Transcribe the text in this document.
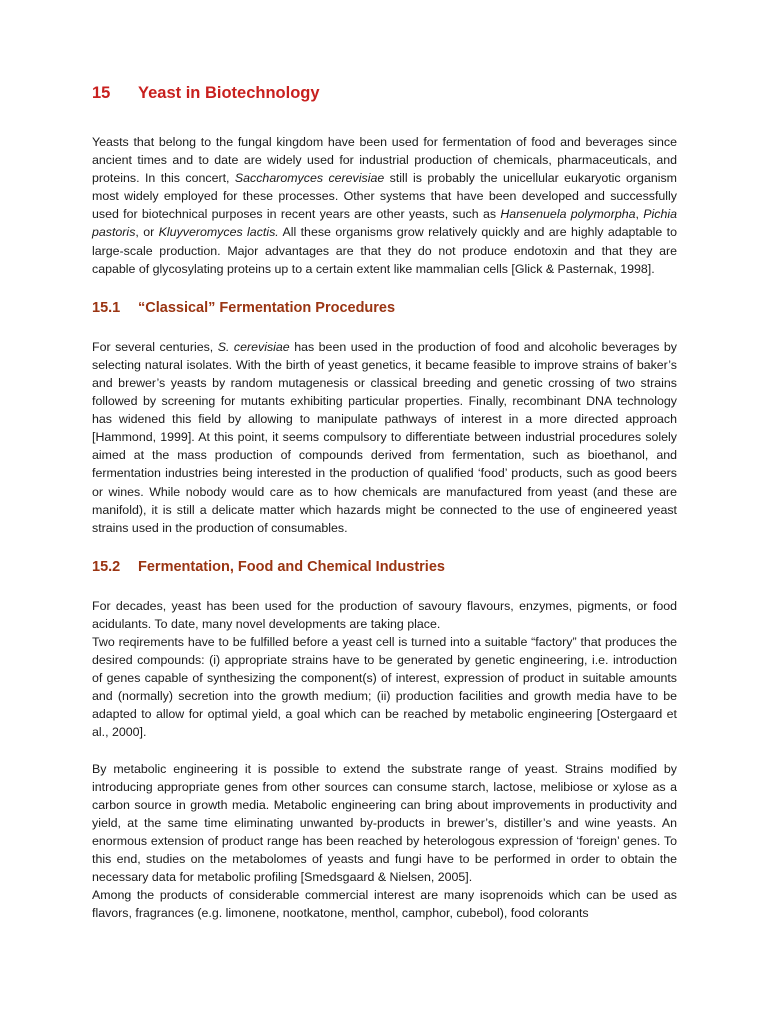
15	Yeast in Biotechnology

Yeasts that belong to the fungal kingdom have been used for fermentation of food and beverages since ancient times and to date are widely used for industrial production of chemicals, pharmaceuticals, and proteins. In this concert, Saccharomyces cerevisiae still is probably the unicellular eukaryotic organism most widely employed for these processes. Other systems that have been developed and successfully used for biotechnical purposes in recent years are other yeasts, such as Hansenuela polymorpha, Pichia pastoris, or Kluyveromyces lactis. All these organisms grow relatively quickly and are highly adaptable to large-scale production. Major advantages are that they do not produce endotoxin and that they are capable of glycosylating proteins up to a certain extent like mammalian cells [Glick & Pasternak, 1998].

15.1	“Classical” Fermentation Procedures

For several centuries, S. cerevisiae has been used in the production of food and alcoholic beverages by selecting natural isolates. With the birth of yeast genetics, it became feasible to improve strains of baker’s and brewer’s yeasts by random mutagenesis or classical breeding and genetic crossing of two strains followed by screening for mutants exhibiting particular properties. Finally, recombinant DNA technology has widened this field by allowing to manipulate pathways of interest in a more directed approach [Hammond, 1999]. At this point, it seems compulsory to differentiate between industrial procedures solely aimed at the mass production of compounds derived from fermentation, such as bioethanol, and fermentation industries being interested in the production of qualified ‘food’ products, such as good beers or wines. While nobody would care as to how chemicals are manufactured from yeast (and these are manifold), it is still a delicate matter which hazards might be connected to the use of engineered yeast strains used in the production of consumables.

15.2	Fermentation, Food and Chemical Industries

For decades, yeast has been used for the production of savoury flavours, enzymes, pigments, or food acidulants. To date, many novel developments are taking place.

Two reqirements have to be fulfilled before a yeast cell is turned into a suitable “factory” that produces the desired compounds: (i) appropriate strains have to be generated by genetic engineering, i.e. introduction of genes capable of synthesizing the component(s) of interest, expression of product in suitable amounts and (normally) secretion into the growth medium; (ii) production facilities and growth media have to be adapted to allow for optimal yield, a goal which can be reached by metabolic engineering [Ostergaard et al., 2000].

By metabolic engineering it is possible to extend the substrate range of yeast. Strains modified by introducing appropriate genes from other sources can consume starch, lactose, melibiose or xylose as a carbon source in growth media. Metabolic engineering can bring about improvements in productivity and yield, at the same time eliminating unwanted by-products in brewer’s, distiller’s and wine yeasts. An enormous extension of product range has been reached by heterologous expression of ‘foreign’ genes. To this end, studies on the metabolomes of yeasts and fungi have to be performed in order to obtain the necessary data for metabolic profiling [Smedsgaard & Nielsen, 2005].

Among the products of considerable commercial interest are many isoprenoids which can be used as flavors, fragrances (e.g. limonene, nootkatone, menthol, camphor, cubebol), food colorants
